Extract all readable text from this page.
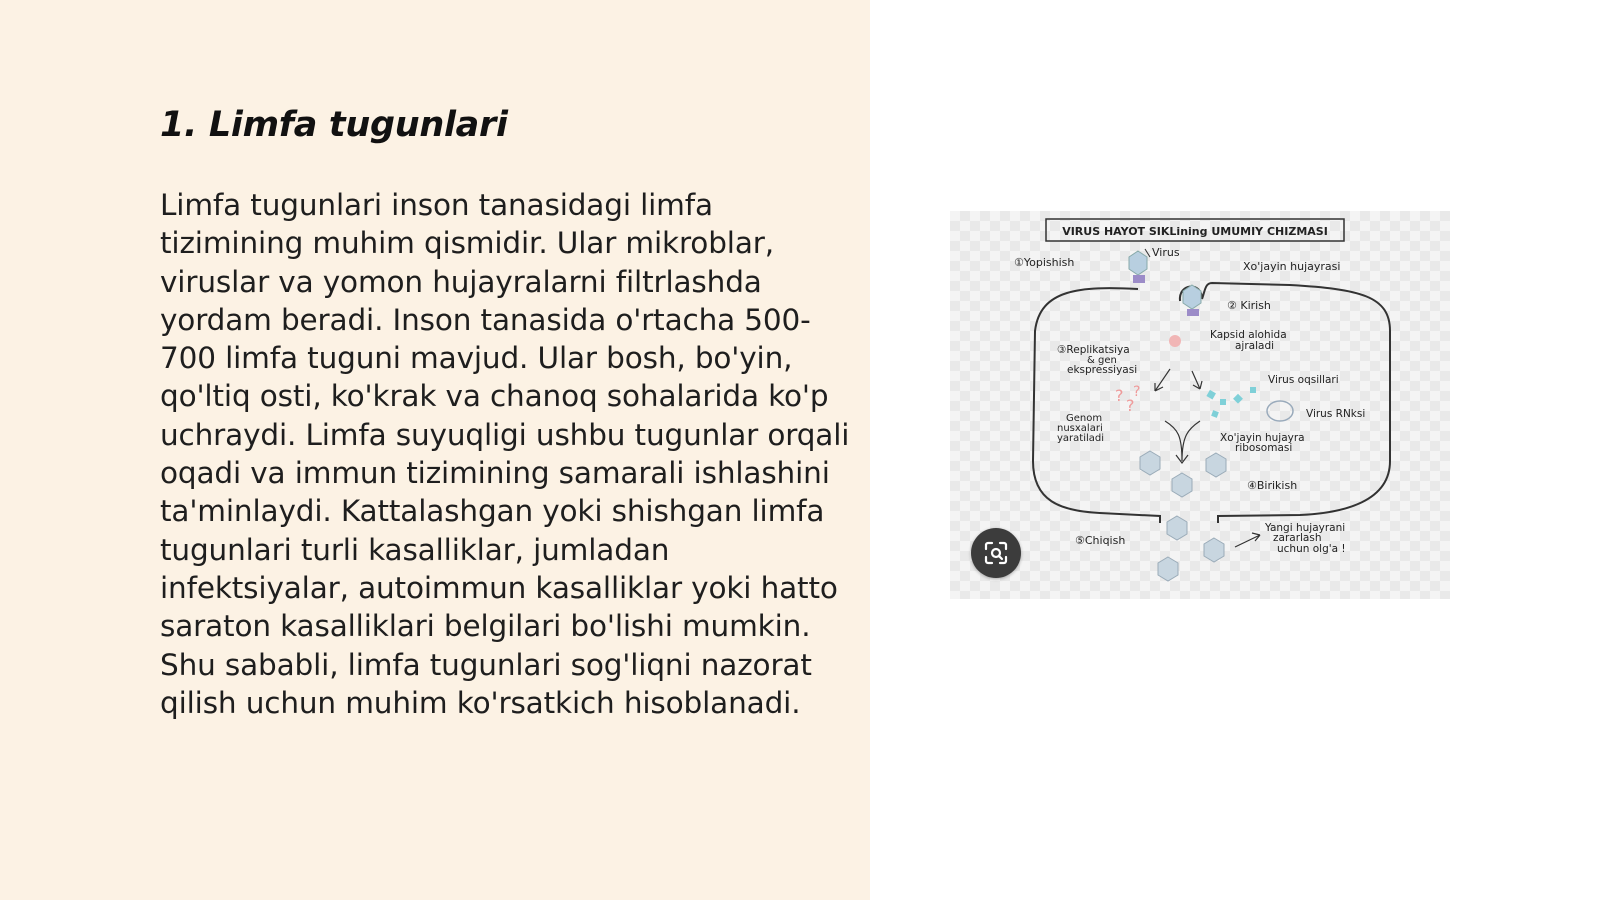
1. Limfa tugunlari

Limfa tugunlari inson tanasidagi limfa tizimining muhim qismidir. Ular mikroblar, viruslar va yomon hujayralarni filtrlashda yordam beradi. Inson tanasida o'rtacha 500-700 limfa tuguni mavjud. Ular bosh, bo'yin, qo'ltiq osti, ko'krak va chanoq sohalarida ko'p uchraydi. Limfa suyuqligi ushbu tugunlar orqali oqadi va immun tizimining samarali ishlashini ta'minlaydi. Kattalashgan yoki shishgan limfa tugunlari turli kasalliklar, jumladan infektsiyalar, autoimmun kasalliklar yoki hatto saraton kasalliklari belgilari bo'lishi mumkin. Shu sababli, limfa tugunlari sog'liqni nazorat qilish uchun muhim ko'rsatkich hisoblanadi.

VIRUS HAYOT SIKLining UMUMIY CHIZMASI
?
?
?
①Yopishish
Virus
Xo'jayin hujayrasi
② Kirish
Kapsid alohida
ajraladi
③Replikatsiya
& gen
ekspressiyasi
Virus oqsillari
Virus RNksi
Genom
nusxalari
yaratiladi	Xo'jayin hujayra
ribosomasi
④Birikish
⑤Chiqish
Yangi hujayrani
zararlash
uchun olg'a !
